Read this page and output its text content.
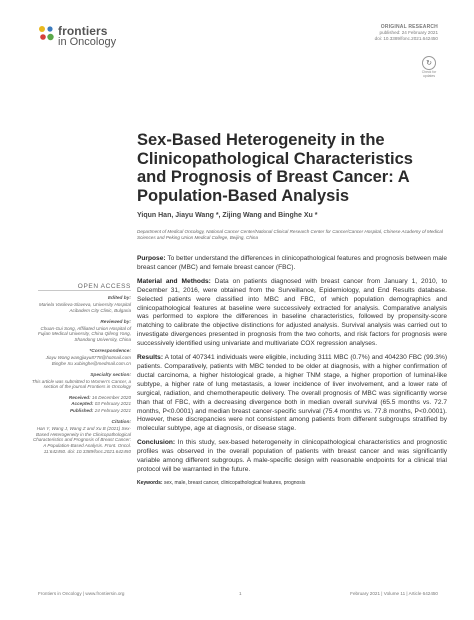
frontiers
in Oncology
ORIGINAL RESEARCH
published: 24 February 2021
doi: 10.3389/fonc.2021.642450
↻
Check for
updates
Sex-Based Heterogeneity in the Clinicopathological Characteristics and Prognosis of Breast Cancer: A Population-Based Analysis
Yiqun Han, Jiayu Wang *, Zijing Wang and Binghe Xu *
Department of Medical Oncology, National Cancer Center/National Clinical Research Center for Cancer/Cancer Hospital, Chinese Academy of Medical Sciences and Peking Union Medical College, Beijing, China
OPEN ACCESS
Edited by:
Mariela Vasileva-Slaveva, University Hospital Acibadem City Clinic, Bulgaria
Reviewed by:
Chuan-Gui Song, Affiliated Union Hospital of Fujian Medical University, China Qifeng Yang, Shandong University, China
*Correspondence:
Jiayu Wang wangjiayu8778@hotmail.com Binghe Xu xubinghe@medmail.com.cn
Specialty section:
This article was submitted to Women's Cancer, a section of the journal Frontiers in Oncology
Received: 16 December 2020
Accepted: 03 February 2021
Published: 24 February 2021
Citation:
Han Y, Wang J, Wang Z and Xu B (2021) Sex-Based Heterogeneity in the Clinicopathological Characteristics and Prognosis of Breast Cancer: A Population-Based Analysis. Front. Oncol. 11:642450. doi: 10.3389/fonc.2021.642450

Purpose: To better understand the differences in clinicopathological features and prognosis between male breast cancer (MBC) and female breast cancer (FBC).

Material and Methods: Data on patients diagnosed with breast cancer from January 1, 2010, to December 31, 2016, were obtained from the Surveillance, Epidemiology, and End Results database. Selected patients were classified into MBC and FBC, of which population demographics and clinicopathological features at baseline were successively extracted for analysis. Comparative analysis was performed to explore the differences in baseline characteristics, followed by propensity-score matching to calibrate the objective distinctions for adjusted analysis. Survival analysis was carried out to investigate divergences presented in prognosis from the two cohorts, and risk factors for prognosis were successively identified using univariate and multivariate COX regression analyses.

Results: A total of 407341 individuals were eligible, including 3111 MBC (0.7%) and 404230 FBC (99.3%) patients. Comparatively, patients with MBC tended to be older at diagnosis, with a higher confirmation of ductal carcinoma, a higher histological grade, a higher TNM stage, a higher proportion of luminal-like subtype, a higher rate of lung metastasis, a lower incidence of liver involvement, and a lower rate of surgical, radiation, and chemotherapeutic delivery. The overall prognosis of MBC was significantly worse than that of FBC, with a decreasing divergence both in median overall survival (65.5 months vs. 72.7 months, P<0.0001) and median breast cancer-specific survival (75.4 months vs. 77.8 months, P<0.0001). However, these discrepancies were not consistent among patients from different subgroups stratified by molecular subtype, age at diagnosis, or disease stage.

Conclusion: In this study, sex-based heterogeneity in clinicopathological characteristics and prognostic profiles was observed in the overall population of patients with breast cancer and was significantly variable among different subgroups. A male-specific design with reasonable endpoints for a clinical trial protocol will be warranted in the future.

Keywords: sex, male, breast cancer, clinicopathological features, prognosis

Frontiers in Oncology | www.frontiersin.org	1	February 2021 | Volume 11 | Article 642450
